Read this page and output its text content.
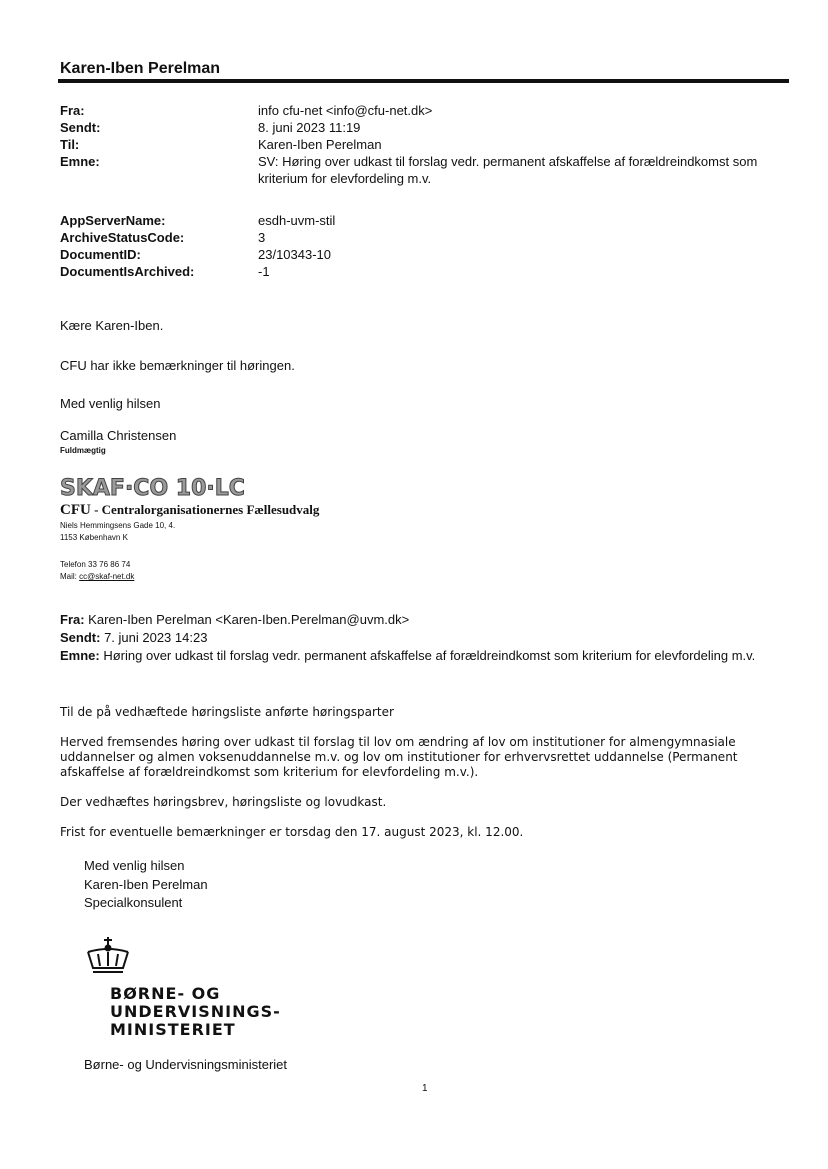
Karen-Iben Perelman
Fra:	info cfu-net <info@cfu-net.dk>
Sendt:	8. juni 2023 11:19
Til:	Karen-Iben Perelman
Emne:	SV: Høring over udkast til forslag vedr. permanent afskaffelse af forældreindkomst som kriterium for elevfordeling m.v.
AppServerName:	esdh-uvm-stil
ArchiveStatusCode:	3
DocumentID:	23/10343-10
DocumentIsArchived:	-1
Kære Karen-Iben.
CFU har ikke bemærkninger til høringen.
Med venlig hilsen
Camilla Christensen
Fuldmægtig
SKAF·CO 10·LC
CFU - Centralorganisationernes Fællesudvalg
Niels Hemmingsens Gade 10, 4.
1153 København K
Telefon 33 76 86 74
Mail: cc@skaf-net.dk
Fra: Karen-Iben Perelman <Karen-Iben.Perelman@uvm.dk>
Sendt: 7. juni 2023 14:23
Emne: Høring over udkast til forslag vedr. permanent afskaffelse af forældreindkomst som kriterium for elevfordeling m.v.
Til de på vedhæftede høringsliste anførte høringsparter
Herved fremsendes høring over udkast til forslag til lov om ændring af lov om institutioner for almengymnasiale uddannelser og almen voksenuddannelse m.v. og lov om institutioner for erhvervsrettet uddannelse (Permanent afskaffelse af forældreindkomst som kriterium for elevfordeling m.v.).
Der vedhæftes høringsbrev, høringsliste og lovudkast.
Frist for eventuelle bemærkninger er torsdag den 17. august 2023, kl. 12.00.
Med venlig hilsen
Karen-Iben Perelman
Specialkonsulent
BØRNE- OG
UNDERVISNINGS-
MINISTERIET
Børne- og Undervisningsministeriet
1
